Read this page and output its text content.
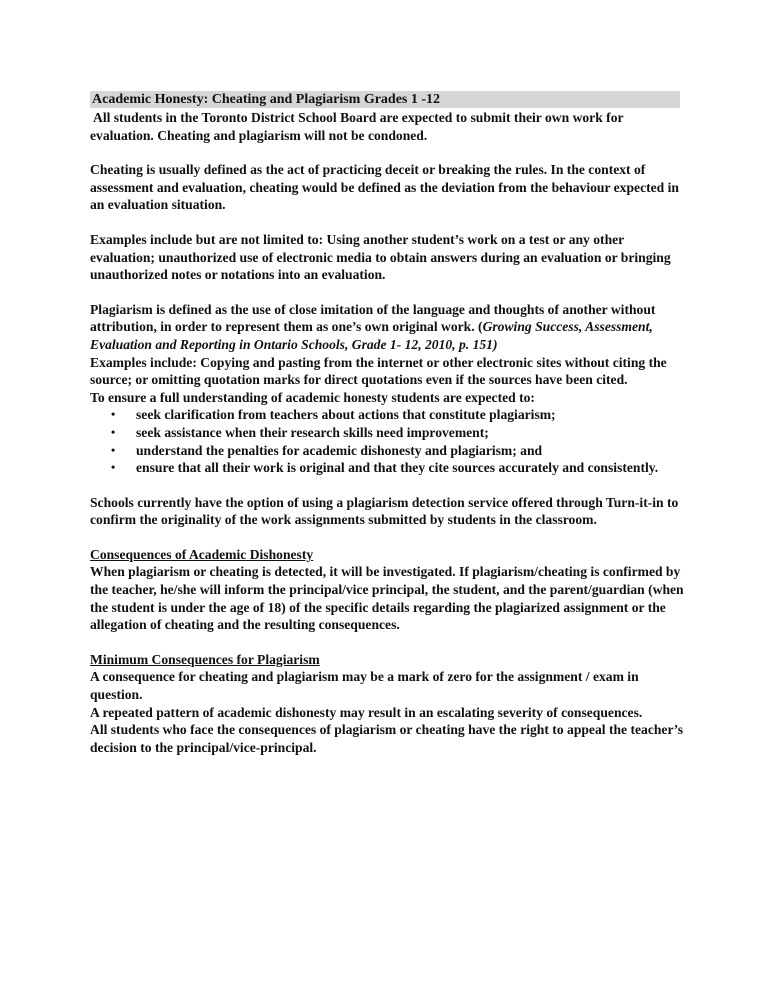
Academic Honesty: Cheating and Plagiarism Grades 1 -12

All students in the Toronto District School Board are expected to submit their own work for evaluation. Cheating and plagiarism will not be condoned.

Cheating is usually defined as the act of practicing deceit or breaking the rules. In the context of assessment and evaluation, cheating would be defined as the deviation from the behaviour expected in an evaluation situation.

Examples include but are not limited to: Using another student’s work on a test or any other evaluation; unauthorized use of electronic media to obtain answers during an evaluation or bringing unauthorized notes or notations into an evaluation.

Plagiarism is defined as the use of close imitation of the language and thoughts of another without attribution, in order to represent them as one’s own original work. (Growing Success, Assessment, Evaluation and Reporting in Ontario Schools, Grade 1- 12, 2010, p. 151)

Examples include: Copying and pasting from the internet or other electronic sites without citing the source; or omitting quotation marks for direct quotations even if the sources have been cited.

To ensure a full understanding of academic honesty students are expected to:

• seek clarification from teachers about actions that constitute plagiarism;
• seek assistance when their research skills need improvement;
• understand the penalties for academic dishonesty and plagiarism; and
• ensure that all their work is original and that they cite sources accurately and consistently.

Schools currently have the option of using a plagiarism detection service offered through Turn-it-in to confirm the originality of the work assignments submitted by students in the classroom.

Consequences of Academic Dishonesty

When plagiarism or cheating is detected, it will be investigated. If plagiarism/cheating is confirmed by the teacher, he/she will inform the principal/vice principal, the student, and the parent/guardian (when the student is under the age of 18) of the specific details regarding the plagiarized assignment or the allegation of cheating and the resulting consequences.

Minimum Consequences for Plagiarism

A consequence for cheating and plagiarism may be a mark of zero for the assignment / exam in question.

A repeated pattern of academic dishonesty may result in an escalating severity of consequences.

All students who face the consequences of plagiarism or cheating have the right to appeal the teacher’s decision to the principal/vice-principal.
